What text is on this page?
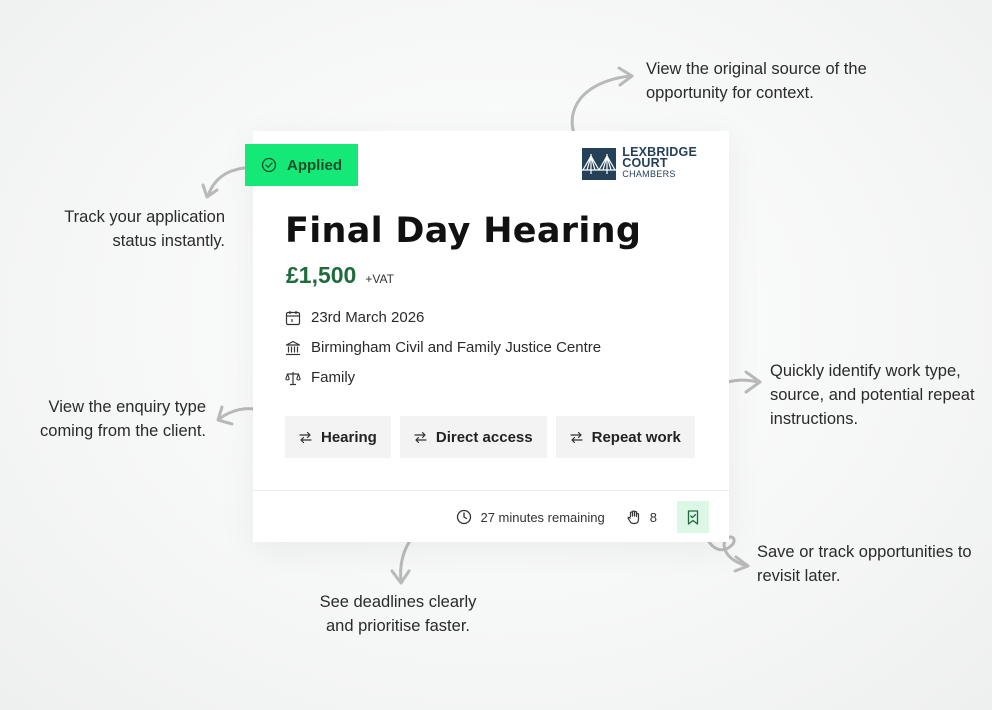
View the original source of the opportunity for context.
Track your application
status instantly.
View the enquiry type
coming from the client.
Quickly identify work type, source, and potential repeat instructions.
Save or track opportunities to revisit later.
See deadlines clearly
and prioritise faster.
Applied
LEXBRIDGE
COURT
CHAMBERS
Final Day Hearing
£1,500 +VAT
23rd March 2026
Birmingham Civil and Family Justice Centre
Family
Hearing	Direct access	Repeat work
27 minutes remaining	8
